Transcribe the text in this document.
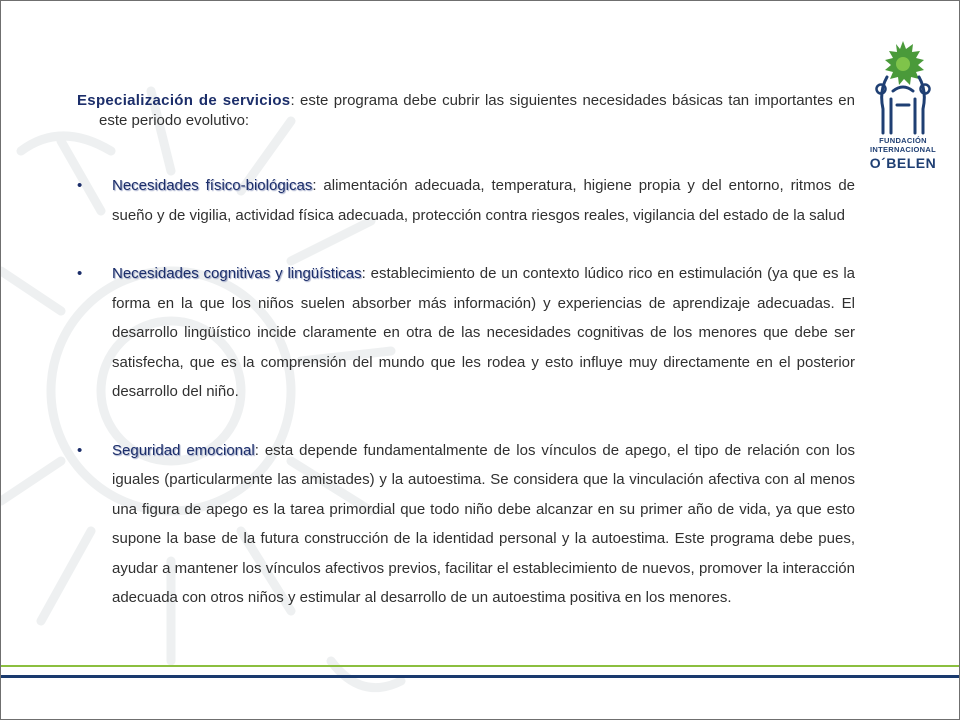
FUNDACIÓN
INTERNACIONAL
O´BELEN

Especialización de servicios: este programa debe cubrir las siguientes necesidades básicas tan importantes en este periodo evolutivo:

•	Necesidades físico-biológicas: alimentación adecuada, temperatura, higiene propia y del entorno, ritmos de sueño y de vigilia, actividad física adecuada, protección contra riesgos reales, vigilancia del estado de la salud

•	Necesidades cognitivas y lingüísticas: establecimiento de un contexto lúdico rico en estimulación (ya que es la forma en la que los niños suelen absorber más información) y experiencias de aprendizaje adecuadas. El desarrollo lingüístico incide claramente en otra de las necesidades cognitivas de los menores que debe ser satisfecha, que es la comprensión del mundo que les rodea y esto influye muy directamente en el posterior desarrollo del niño.

•	Seguridad emocional: esta depende fundamentalmente de los vínculos de apego, el tipo de relación con los iguales (particularmente las amistades) y la autoestima. Se considera que la vinculación afectiva con al menos una figura de apego es la tarea primordial que todo niño debe alcanzar en su primer año de vida, ya que esto supone la base de la futura construcción de la identidad personal y la autoestima. Este programa debe pues, ayudar a mantener los vínculos afectivos previos, facilitar el establecimiento de nuevos, promover la interacción adecuada con otros niños y estimular al desarrollo de un autoestima positiva en los menores.
